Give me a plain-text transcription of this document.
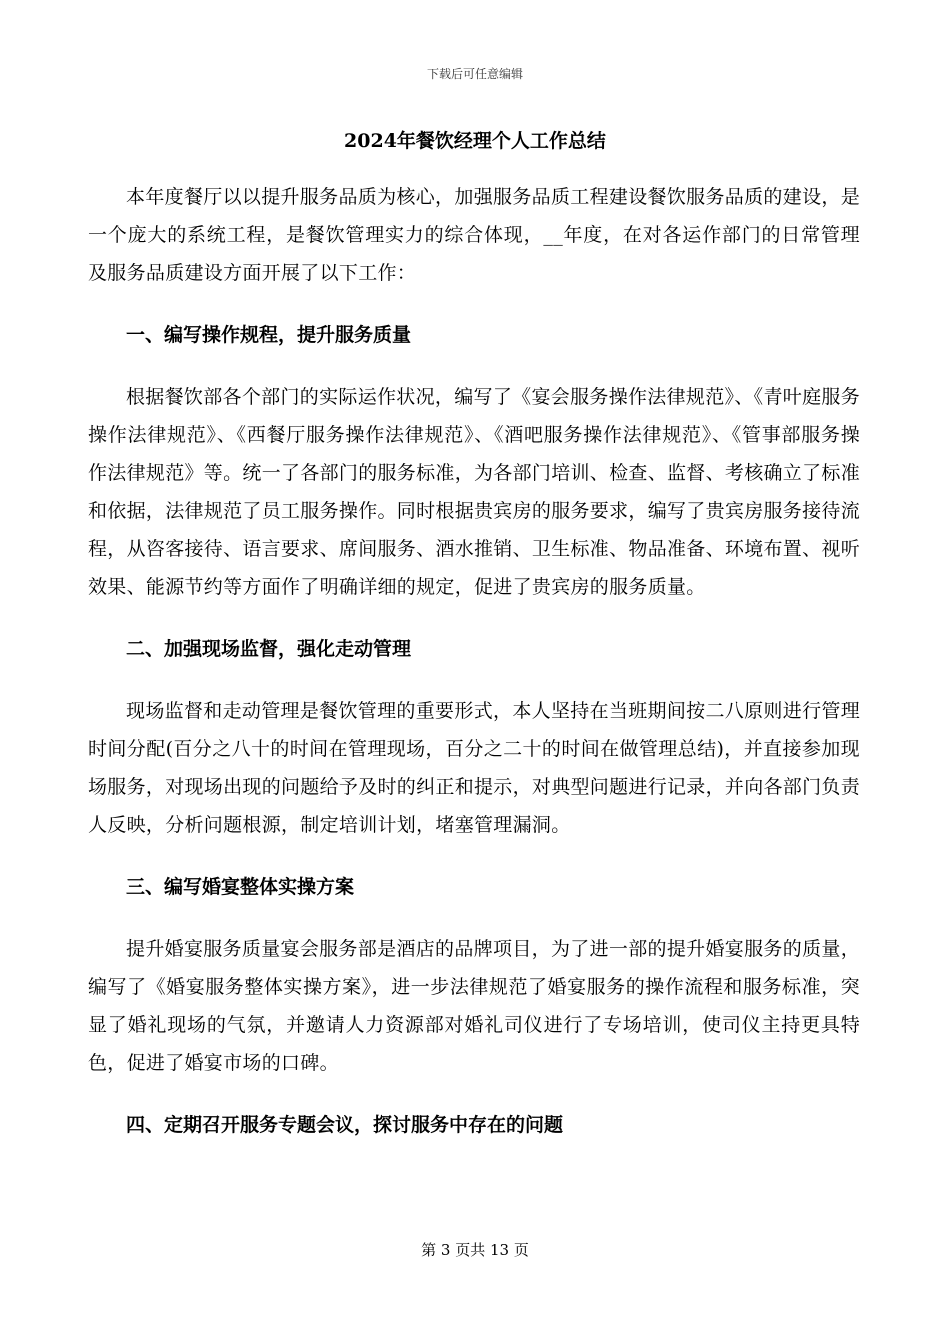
下载后可任意编辑
2024年餐饮经理个人工作总结

本年度餐厅以以提升服务品质为核心，加强服务品质工程建设餐饮服务品质的建设，是一个庞大的系统工程，是餐饮管理实力的综合体现，__年度，在对各运作部门的日常管理及服务品质建设方面开展了以下工作：

一、编写操作规程，提升服务质量

根据餐饮部各个部门的实际运作状况，编写了《宴会服务操作法律规范》、《青叶庭服务操作法律规范》、《西餐厅服务操作法律规范》、《酒吧服务操作法律规范》、《管事部服务操作法律规范》等。统一了各部门的服务标准，为各部门培训、检查、监督、考核确立了标准和依据，法律规范了员工服务操作。同时根据贵宾房的服务要求，编写了贵宾房服务接待流程，从咨客接待、语言要求、席间服务、酒水推销、卫生标准、物品准备、环境布置、视听效果、能源节约等方面作了明确详细的规定，促进了贵宾房的服务质量。

二、加强现场监督，强化走动管理

现场监督和走动管理是餐饮管理的重要形式，本人坚持在当班期间按二八原则进行管理时间分配(百分之八十的时间在管理现场，百分之二十的时间在做管理总结)，并直接参加现场服务，对现场出现的问题给予及时的纠正和提示，对典型问题进行记录，并向各部门负责人反映，分析问题根源，制定培训计划，堵塞管理漏洞。

三、编写婚宴整体实操方案

提升婚宴服务质量宴会服务部是酒店的品牌项目，为了进一部的提升婚宴服务的质量，编写了《婚宴服务整体实操方案》，进一步法律规范了婚宴服务的操作流程和服务标准，突显了婚礼现场的气氛，并邀请人力资源部对婚礼司仪进行了专场培训，使司仪主持更具特色，促进了婚宴市场的口碑。

四、定期召开服务专题会议，探讨服务中存在的问题

第 3 页共 13 页
